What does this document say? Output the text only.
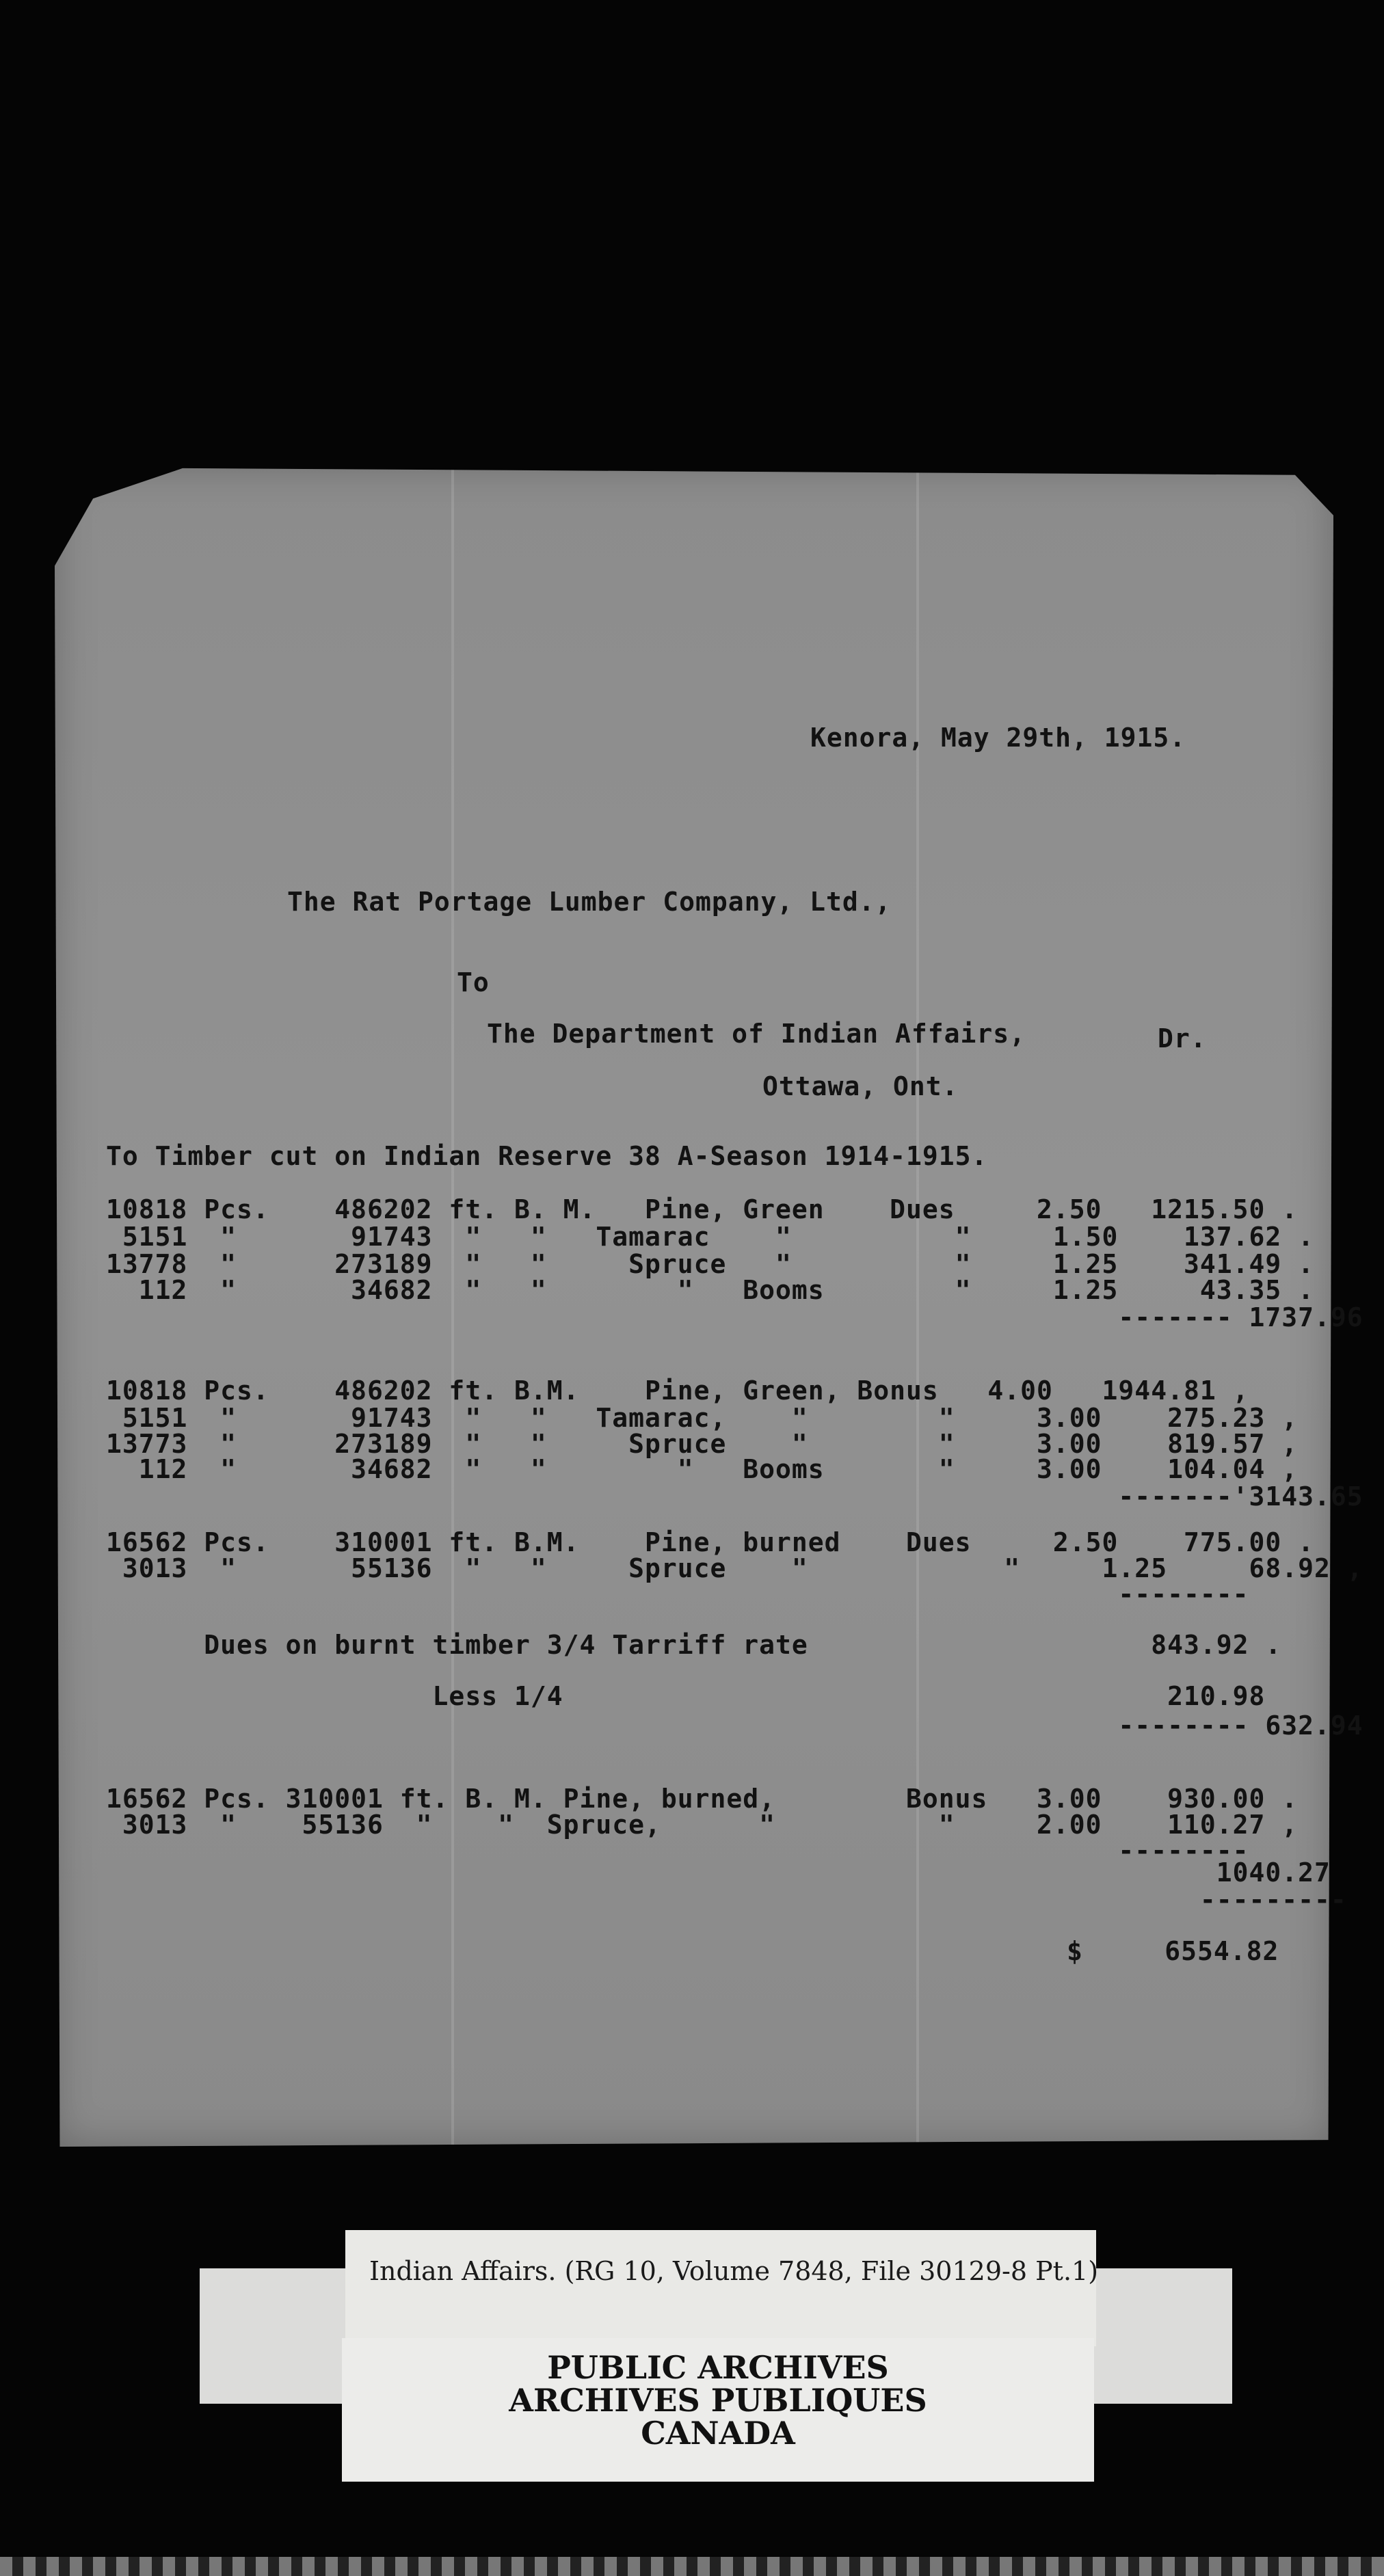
Kenora, May 29th, 1915.
The Rat Portage Lumber Company, Ltd.,
To
The Department of Indian Affairs,	Dr.
Ottawa, Ont.
To Timber cut on Indian Reserve 38 A-Season 1914-1915.
10818 Pcs.    486202 ft. B. M.   Pine, Green    Dues     2.50   1215.50 .
5151  "       91743  "   "   Tamarac    "          "     1.50    137.62 .
13778  "      273189  "   "     Spruce   "          "     1.25    341.49 .
112  "       34682  "   "        "   Booms        "     1.25     43.35 .
------- 1737.96
10818 Pcs.    486202 ft. B.M.    Pine, Green, Bonus   4.00   1944.81 ,
5151  "       91743  "   "   Tamarac,    "        "     3.00    275.23 ,
13773  "      273189  "   "     Spruce    "        "     3.00    819.57 ,
112  "       34682  "   "        "   Booms       "     3.00    104.04 ,
-------'3143.65
16562 Pcs.    310001 ft. B.M.    Pine, burned    Dues     2.50    775.00 .
3013  "       55136  "   "     Spruce    "            "     1.25     68.92 ,
--------
Dues on burnt timber 3/4 Tarriff rate                     843.92 .
Less 1/4                                     210.98
-------- 632.94
16562 Pcs. 310001 ft. B. M. Pine, burned,        Bonus   3.00    930.00 .
3013  "    55136  "    "  Spruce,      "          "     2.00    110.27 ,
--------
1040.27
---------
$     6554.82
Indian Affairs. (RG 10, Volume 7848, File 30129-8 Pt.1)
PUBLIC ARCHIVES
ARCHIVES PUBLIQUES
CANADA
